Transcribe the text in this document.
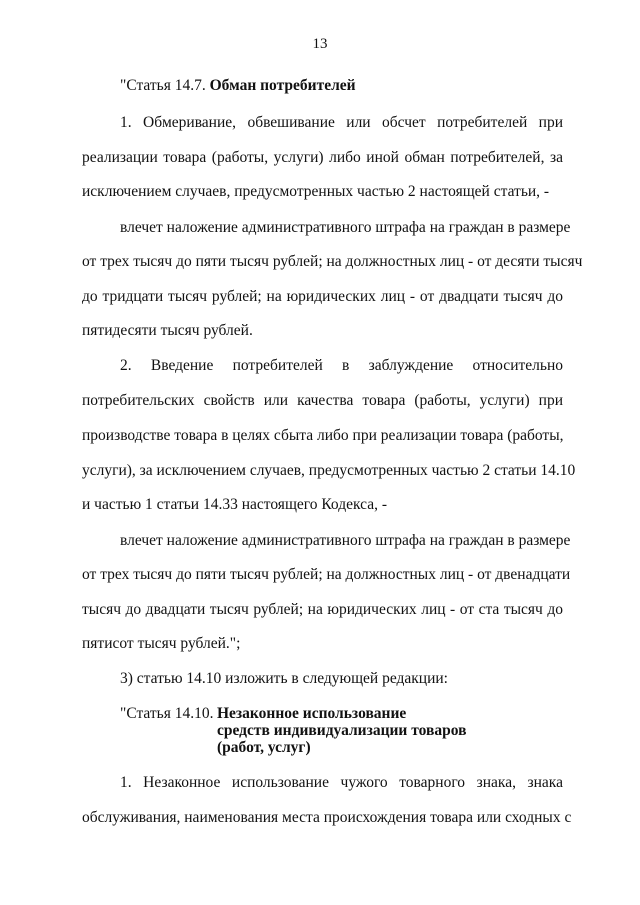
13
"Статья 14.7. Обман потребителей
1. Обмеривание, обвешивание или обсчет потребителей при
реализации товара (работы, услуги) либо иной обман потребителей, за
исключением случаев, предусмотренных частью 2 настоящей статьи, -
влечет наложение административного штрафа на граждан в размере
от трех тысяч до пяти тысяч рублей; на должностных лиц - от десяти тысяч
до тридцати тысяч рублей; на юридических лиц - от двадцати тысяч до
пятидесяти тысяч рублей.
2. Введение потребителей в заблуждение относительно
потребительских свойств или качества товара (работы, услуги) при
производстве товара в целях сбыта либо при реализации товара (работы,
услуги), за исключением случаев, предусмотренных частью 2 статьи 14.10
и частью 1 статьи 14.33 настоящего Кодекса, -
влечет наложение административного штрафа на граждан в размере
от трех тысяч до пяти тысяч рублей; на должностных лиц - от двенадцати
тысяч до двадцати тысяч рублей; на юридических лиц - от ста тысяч до
пятисот тысяч рублей.";
3) статью 14.10 изложить в следующей редакции:
"Статья 14.10. Незаконное использование
средств индивидуализации товаров
(работ, услуг)
1. Незаконное использование чужого товарного знака, знака
обслуживания, наименования места происхождения товара или сходных с
